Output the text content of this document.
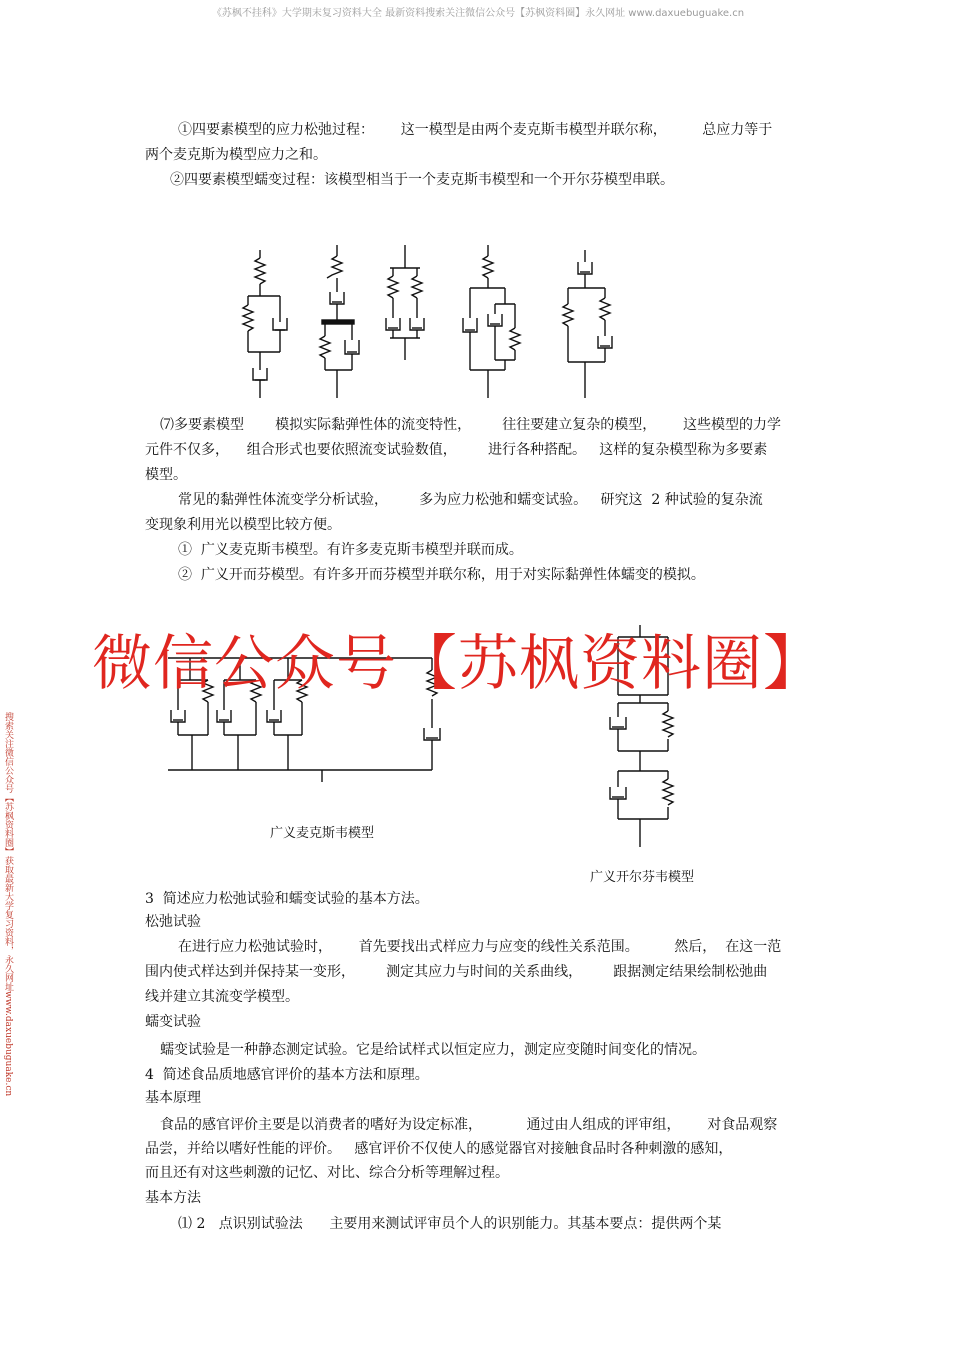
《苏枫不挂科》大学期末复习资料大全 最新资料搜索关注微信公众号【苏枫资料圈】永久网址 www.daxuebuguake.cn
搜索关注微信公众号【苏枫资料圈】获取最新大学复习资料，永久网址www.daxuebuguake.cn
①四要素模型的应力松弛过程：      这一模型是由两个麦克斯韦模型并联尔称，        总应力等于
两个麦克斯为模型应力之和。
②四要素模型蠕变过程：该模型相当于一个麦克斯韦模型和一个开尔芬模型串联。
⑺多要素模型       模拟实际黏弹性体的流变特性，       往往要建立复杂的模型，      这些模型的力学
元件不仅多，    组合形式也要依照流变试验数值，       进行各种搭配。   这样的复杂模型称为多要素
模型。
常见的黏弹性体流变学分析试验，       多为应力松弛和蠕变试验。   研究这  2 种试验的复杂流
变现象利用光以模型比较方便。
①  广义麦克斯韦模型。有许多麦克斯韦模型并联而成。
②  广义开而芬模型。有许多开而芬模型并联尔称，用于对实际黏弹性体蠕变的模拟。
微信公众号【苏枫资料圈】
广义麦克斯韦模型
广义开尔芬韦模型
3  简述应力松弛试验和蠕变试验的基本方法。
松弛试验
在进行应力松弛试验时，      首先要找出式样应力与应变的线性关系范围。        然后，  在这一范
围内使式样达到并保持某一变形，       测定其应力与时间的关系曲线，       跟据测定结果绘制松弛曲
线并建立其流变学模型。
蠕变试验
蠕变试验是一种静态测定试验。它是给试样式以恒定应力，测定应变随时间变化的情况。
4  简述食品质地感官评价的基本方法和原理。
基本原理
食品的感官评价主要是以消费者的嗜好为设定标准，          通过由人组成的评审组，      对食品观察
品尝，并给以嗜好性能的评价。   感官评价不仅使人的感觉器官对接触食品时各种刺激的感知，
而且还有对这些刺激的记忆、对比、综合分析等理解过程。
基本方法
⑴ 2   点识别试验法      主要用来测试评审员个人的识别能力。其基本要点：提供两个某
